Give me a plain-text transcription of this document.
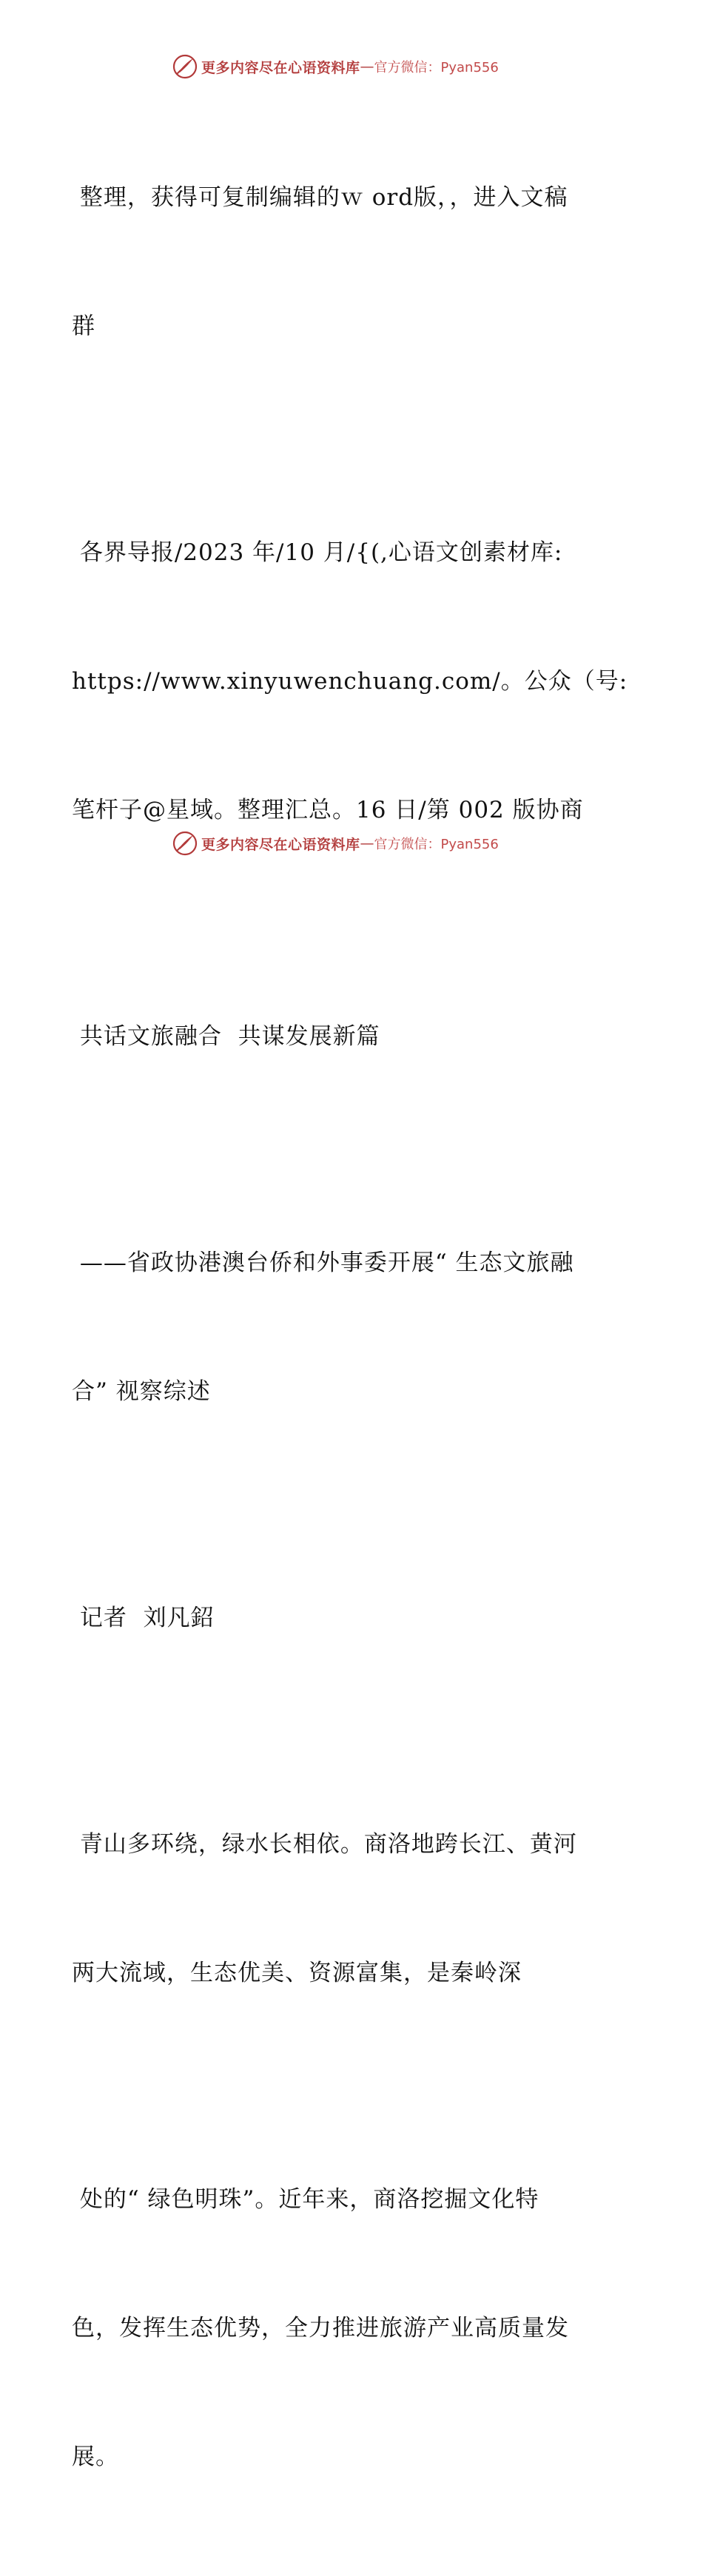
更多内容尽在心语资料库 — 官方微信：Pyan556

整理，获得可复制编辑的ｗ ord版，，进入文稿

群

各界导报/2023 年/10 月/{(,心语文创素材库:

https://www.xinyuwenchuang.com/。公众（号:

笔杆子@星域。整理汇总。16 日/第 002 版协商

共话文旅融合  共谋发展新篇

——省政协港澳台侨和外事委开展“ 生态文旅融

合” 视察综述

记者  刘凡鉊

青山多环绕，绿水长相依。商洛地跨长江、黄河

两大流域，生态优美、资源富集，是秦岭深

处的“ 绿色明珠”。近年来，商洛挖掘文化特

色，发挥生态优势，全力推进旅游产业高质量发

展。

更多内容尽在心语资料库 — 官方微信：Pyan556
